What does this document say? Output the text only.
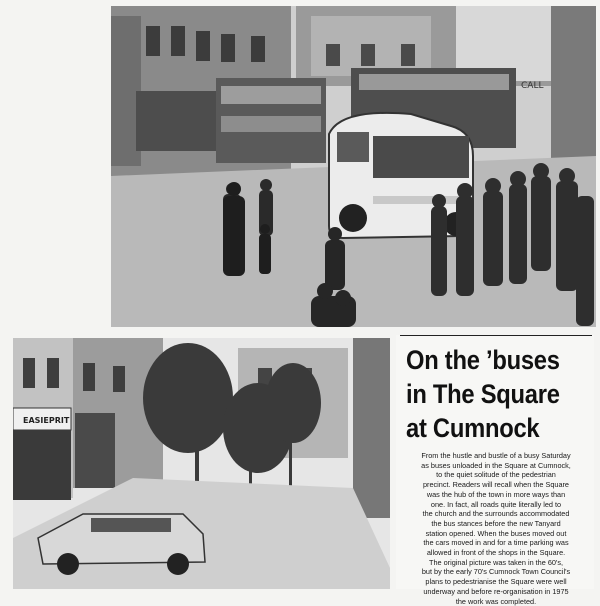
CALL
EASIEPRIT
On the ’buses
in The Square
at Cumnock
From the hustle and bustle of a busy Saturday
as buses unloaded in the Square at Cumnock,
to the quiet solitude of the pedestrian
precinct. Readers will recall when the Square
was the hub of the town in more ways than
one. In fact, all roads quite literally led to
the church and the surrounds accommodated
the bus stances before the new Tanyard
station opened. When the buses moved out
the cars moved in and for a time parking was
allowed in front of the shops in the Square.
The original picture was taken in the 60's,
but by the early 70's Cumnock Town Council's
plans to pedestrianise the Square were well
underway and before re-organisation in 1975
the work was completed.
